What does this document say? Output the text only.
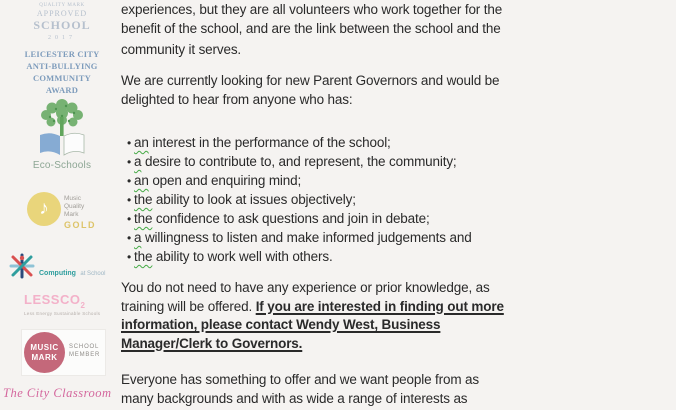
QUALITY MARK
APPROVED
SCHOOL
2017
LEICESTER CITY
ANTI-BULLYING
COMMUNITY
AWARD
Eco-Schools
♪ Music
Quality
Mark
GOLD
Computing at School
$LESSCO_2$
Less Energy Sustainable Schools
MUSIC
MARK
SCHOOL
MEMBER
The City Classroom
experiences, but they are all volunteers who work together for the
benefit of the school, and are the link between the school and the
community it serves.
We are currently looking for new Parent Governors and would be
delighted to hear from anyone who has:
• an interest in the performance of the school;
• a desire to contribute to, and represent, the community;
• an open and enquiring mind;
• the ability to look at issues objectively;
• the confidence to ask questions and join in debate;
• a willingness to listen and make informed judgements and
• the ability to work well with others.
You do not need to have any experience or prior knowledge, as
training will be offered. If you are interested in finding out more
information, please contact Wendy West, Business
Manager/Clerk to Governors.
Everyone has something to offer and we want people from as
many backgrounds and with as wide a range of interests as
